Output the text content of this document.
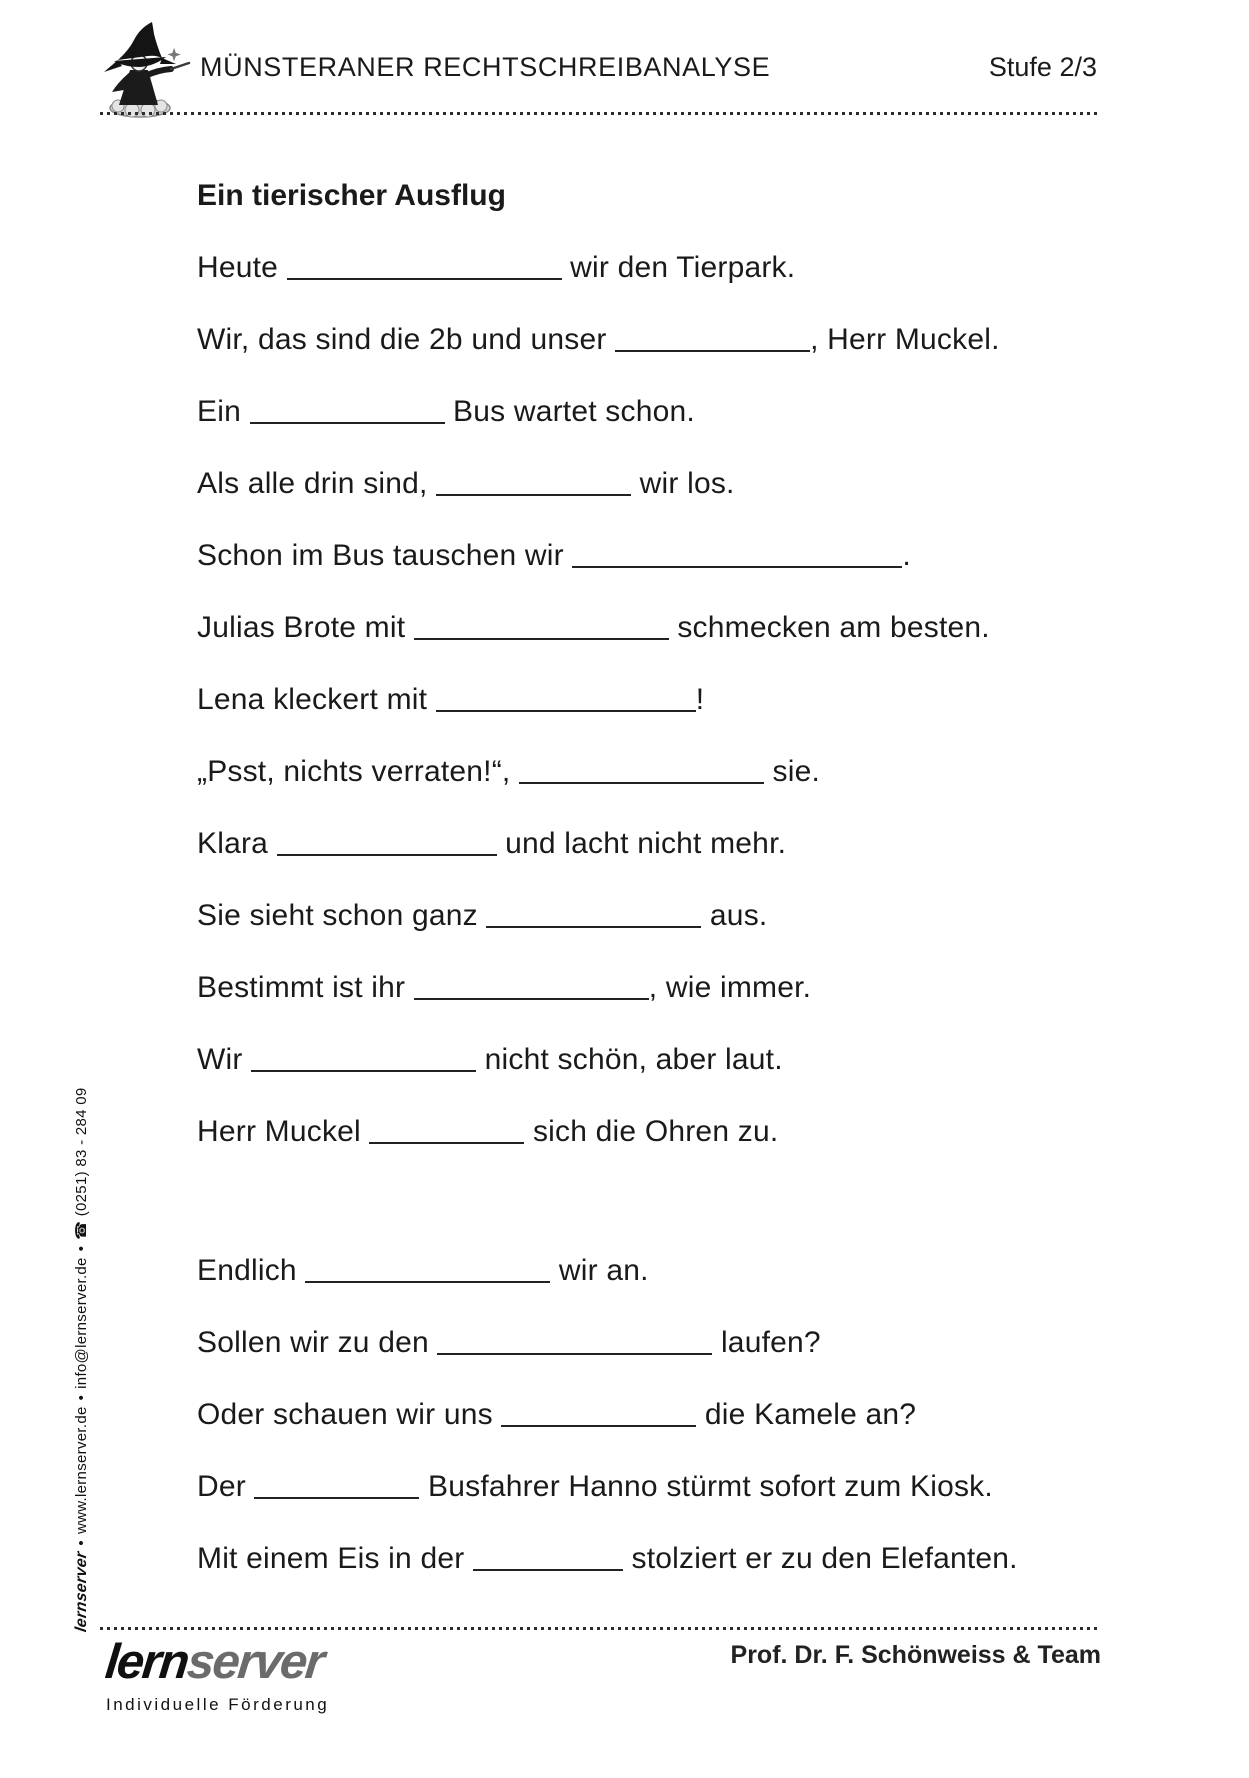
MÜNSTERANER RECHTSCHREIBANALYSE	Stufe 2/3
Ein tierischer Ausflug
Heute	wir den Tierpark.
Wir, das sind die 2b und unser	, Herr Muckel.
Ein	Bus wartet schon.
Als alle drin sind,	wir los.
Schon im Bus tauschen wir	.
Julias Brote mit	schmecken am besten.
Lena kleckert mit	!
„Psst, nichts verraten!“,	sie.
Klara	und lacht nicht mehr.
Sie sieht schon ganz	aus.
Bestimmt ist ihr	, wie immer.
Wir	nicht schön, aber laut.
Herr Muckel	sich die Ohren zu.
Endlich	wir an.
Sollen wir zu den	laufen?
Oder schauen wir uns	die Kamele an?
Der	Busfahrer Hanno stürmt sofort zum Kiosk.
Mit einem Eis in der	stolziert er zu den Elefanten.
lernserver•www.lernserver.de•info@lernserver.de•☎ (0251) 83 - 284 09
lernserver
Individuelle Förderung
Prof. Dr. F. Schönweiss & Team
